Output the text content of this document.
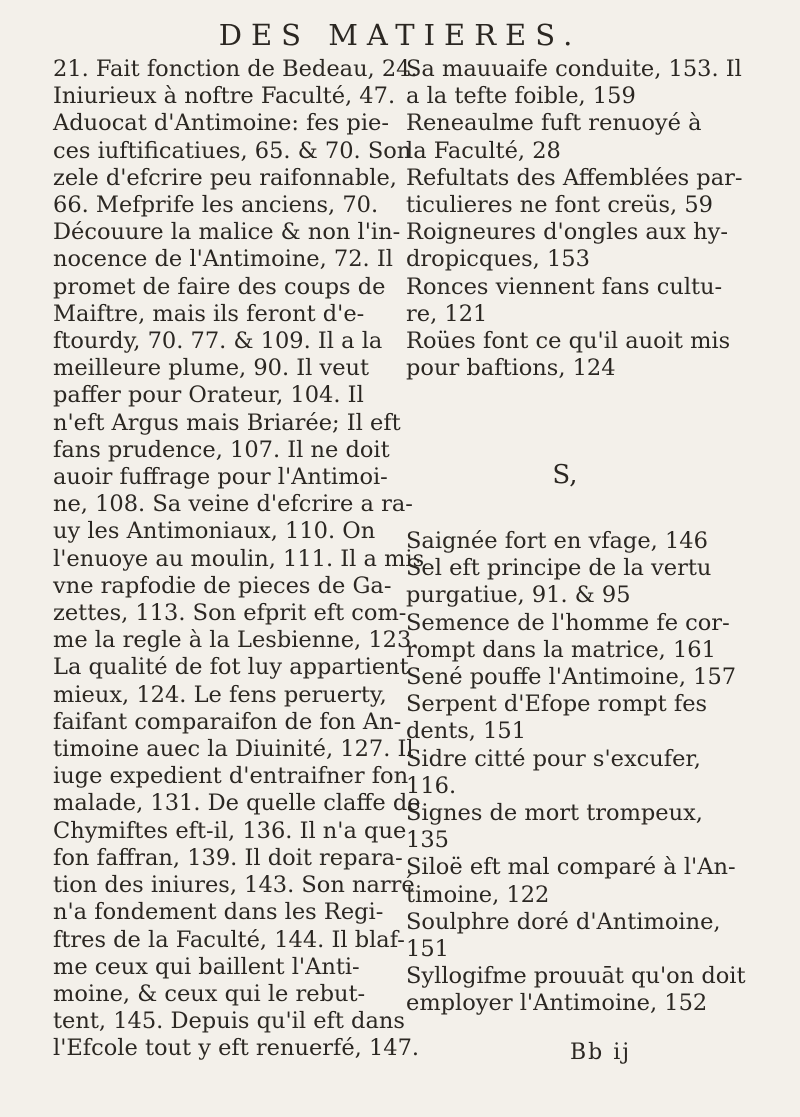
DES MATIERES.
21. Fait fonction de Bedeau, 24.
Iniurieux à noftre Faculté, 47.
Aduocat d'Antimoine: fes pie-
ces iuftificatiues, 65. & 70. Son
zele d'efcrire peu raifonnable,
66. Mefprife les anciens, 70.
Découure la malice & non l'in-
nocence de l'Antimoine, 72. Il
promet de faire des coups de
Maiftre, mais ils feront d'e-
ftourdy, 70. 77. & 109. Il a la
meilleure plume, 90. Il veut
paffer pour Orateur, 104. Il
n'eft Argus mais Briarée; Il eft
fans prudence, 107. Il ne doit
auoir fuffrage pour l'Antimoi-
ne, 108. Sa veine d'efcrire a ra-
uy les Antimoniaux, 110. On
l'enuoye au moulin, 111. Il a mis
vne rapfodie de pieces de Ga-
zettes, 113. Son efprit eft com-
me la regle à la Lesbienne, 123.
La qualité de fot luy appartient
mieux, 124. Le fens peruerty,
faifant comparaifon de fon An-
timoine auec la Diuinité, 127. Il
iuge expedient d'entraifner fon
malade, 131. De quelle claffe de
Chymiftes eft-il, 136. Il n'a que
fon faffran, 139. Il doit repara-
tion des iniures, 143. Son narré
n'a fondement dans les Regi-
ftres de la Faculté, 144. Il blaf-
me ceux qui baillent l'Anti-
moine, & ceux qui le rebut-
tent, 145. Depuis qu'il eft dans
l'Efcole tout y eft renuerfé, 147.
Sa mauuaife conduite, 153. Il
a la tefte foible, 159
Reneaulme fuft renuoyé à
la Faculté, 28
Refultats des Affemblées par-
ticulieres ne font creüs, 59
Roigneures d'ongles aux hy-
dropicques, 153
Ronces viennent fans cultu-
re, 121
Roües font ce qu'il auoit mis
pour baftions, 124
S,
Saignée fort en vfage, 146
Sel eft principe de la vertu
purgatiue, 91. & 95
Semence de l'homme fe cor-
rompt dans la matrice, 161
Sené pouffe l'Antimoine, 157
Serpent d'Efope rompt fes
dents, 151
Sidre citté pour s'excufer,
116.
Signes de mort trompeux,
135
Siloë eft mal comparé à l'An-
timoine, 122
Soulphre doré d'Antimoine,
151
Syllogifme prouuāt qu'on doit
employer l'Antimoine, 152
Bb ij
